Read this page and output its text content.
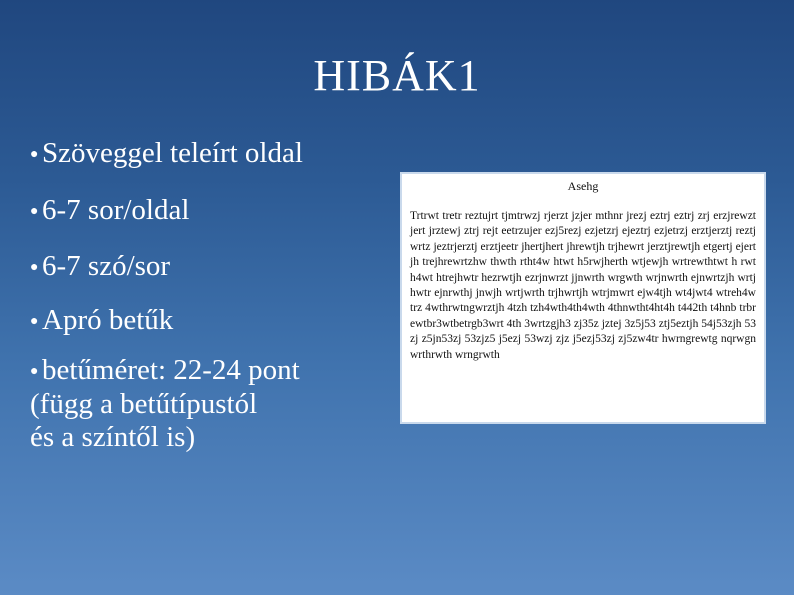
HIBÁK1
● Szöveggel teleírt oldal
● 6-7 sor/oldal
● 6-7 szó/sor
● Apró betűk
● betűméret: 22-24 pont
(függ a betűtípustól
és a színtől is)
Asehg
Trtrwt tretr reztujrt tjmtrwzj rjerzt jzjer mthnr jrezj eztrj eztrj zrj erzjrewzt jert jrztewj ztrj rejt eetrzujer ezj5rezj ezjetzrj ejeztrj ezjetrzj erztjerztj reztjwrtz jeztrjerztj erztjeetr jhertjhert jhrewtjh trjhewrt jerztjrewtjh etgertj ejertjh trejhrewrtzhw thwth rtht4w htwt h5rwjherth wtjewjh wrtrewthtwt h rwth4wt htrejhwtr hezrwtjh ezrjnwrzt jjnwrth wrgwth wrjnwrth ejnwrtzjh wrtjhwtr ejnrwthj jnwjh wrtjwrth trjhwrtjh wtrjmwrt ejw4tjh wt4jwt4 wtreh4wtrz 4wthrwtngwrztjh 4tzh tzh4wth4th4wth 4thnwtht4ht4h t442th t4hnb trbrewtbr3wtbetrgb3wrt 4th 3wrtzgjh3 zj35z jztej 3z5j53 ztj5eztjh 54j53zjh 53zj z5jn53zj 53zjz5 j5ezj 53wzj zjz j5ezj53zj zj5zw4tr hwrngrewtg nqrwgnwrthrwth wrngrwth
